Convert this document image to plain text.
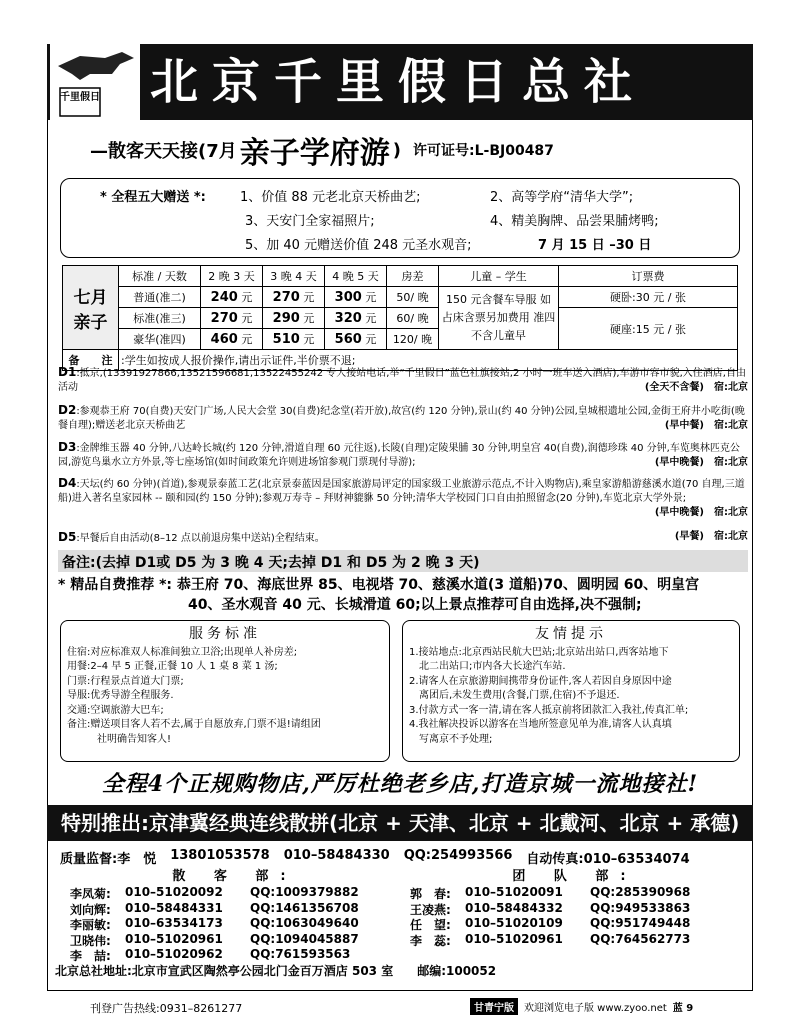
千里假日 北京千里假日总社
—散客天天接(7月 亲子学府游 ) 许可证号:L-BJ00487
* 全程五大赠送 *:	1、价值 88 元老北京天桥曲艺;	2、高等学府“清华大学”;
3、天安门全家福照片;	4、精美胸牌、品尝果脯烤鸭;
5、加 40 元赠送价值 248 元圣水观音;	7 月 15 日 –30 日
七月
亲子	标准 / 天数	2 晚 3 天	3 晚 4 天	4 晚 5 天	房差	儿童 – 学生	订票费
	普通(准二)	240 元	270 元	300 元	50/ 晚	150 元含餐车导服 如占床含票另加费用 准四不含儿童早	硬卧:30 元 / 张
	标准(准三)	270 元	290 元	320 元	60/ 晚		硬座:15 元 / 张
	豪华(准四)	460 元	510 元	560 元	120/ 晚		
备　　注	:学生如按成人报价操作,请出示证件,半价票不退;						
D1:抵京,(13391927866,13521596681,13522455242 专人接站电话,举“千里假日”蓝色社旗接站,2 小时一班车送入酒店),车游市容市貌,入住酒店,自由活动	(全天不含餐)　宿:北京
D2:参观恭王府 70(自费)天安门广场,人民大会堂 30(自费)纪念堂(若开放),故宫(约 120 分钟),景山(约 40 分钟)公园,皇城根遗址公园,金街王府井小吃街(晚餐自理);赠送老北京天桥曲艺	(早中餐)　宿:北京
D3:金牌维玉器 40 分钟,八达岭长城(约 120 分钟,滑道自理 60 元往返),长陵(自理)定陵果脯 30 分钟,明皇宫 40(自费),润德珍珠 40 分钟,车览奥林匹克公园,游览鸟巢水立方外景,等七座场馆(如时间政策允许则进场馆参观门票现付导游);	(早中晚餐)　宿:北京
D4:天坛(约 60 分钟)(首道),参观景泰蓝工艺(北京景泰蓝因是国家旅游局评定的国家级工业旅游示范点,不计入购物店),乘皇家游船游慈溪水道(70 自理,三道船)进入著名皇家园林 -- 颐和园(约 150 分钟);参观万寿寺 – 拜财神貔貅 50 分钟;清华大学校园门口自由拍照留念(20 分钟),车览北京大学外景;
(早中晚餐)　宿:北京
D5:早餐后自由活动(8–12 点以前退房集中送站)全程结束。	(早餐)　宿:北京
备注:(去掉 D1或 D5 为 3 晚 4 天;去掉 D1 和 D5 为 2 晚 3 天)
* 精品自费推荐 *: 恭王府 70、海底世界 85、电视塔 70、慈溪水道(3 道船)70、圆明园 60、明皇宫
40、圣水观音 40 元、长城滑道 60;以上景点推荐可自由选择,决不强制;
服务标准
住宿:对应标准双人标准间独立卫浴;出现单人补房差;
用餐:2–4 早 5 正餐,正餐 10 人 1 桌 8 菜 1 汤;
门票:行程景点首道大门票;
导服:优秀导游全程服务.
交通:空调旅游大巴车;
备注:赠送项目客人若不去,属于自愿放弃,门票不退!请组团
　　　社明确告知客人!
友情提示
1.接站地点:北京西站民航大巴站;北京站出站口,西客站地下
　北二出站口;市内各大长途汽车站.
2.请客人在京旅游期间携带身份证件,客人若因自身原因中途
　离团后,未发生费用(含餐,门票,住宿)不予退还.
3.付款方式一客一清,请在客人抵京前将团款汇入我社,传真汇单;
4.我社解决投诉以游客在当地所签意见单为准,请客人认真填
　写离京不予处理;
全程4个正规购物店,严厉杜绝老乡店,打造京城一流地接社!
特别推出:京津冀经典连线散拼(北京 + 天津、北京 + 北戴河、北京 + 承德)
质量监督:李　悦 13801053578 010–58484330 QQ:254993566 自动传真:010–63534074
散 客 部:
李凤菊:	010–51020092	QQ:1009379882
刘向辉:	010–58484331	QQ:1461356708
李丽敏:	010–63534173	QQ:1063049640
卫晓伟:	010–51020961	QQ:1094045887
李　喆:	010–51020962	QQ:761593563
团 队 部:
郭　春:	010–51020091	QQ:285390968
王凌燕:	010–58484332	QQ:949533863
任　望:	010–51020109	QQ:951749448
李　蕊:	010–51020961	QQ:764562773
北京总社地址:北京市宣武区陶然亭公园北门金百万酒店 503 室　　邮编:100052
刊登广告热线:0931–8261277	甘青宁版	欢迎浏览电子版 www.zyoo.net 蓝 9
